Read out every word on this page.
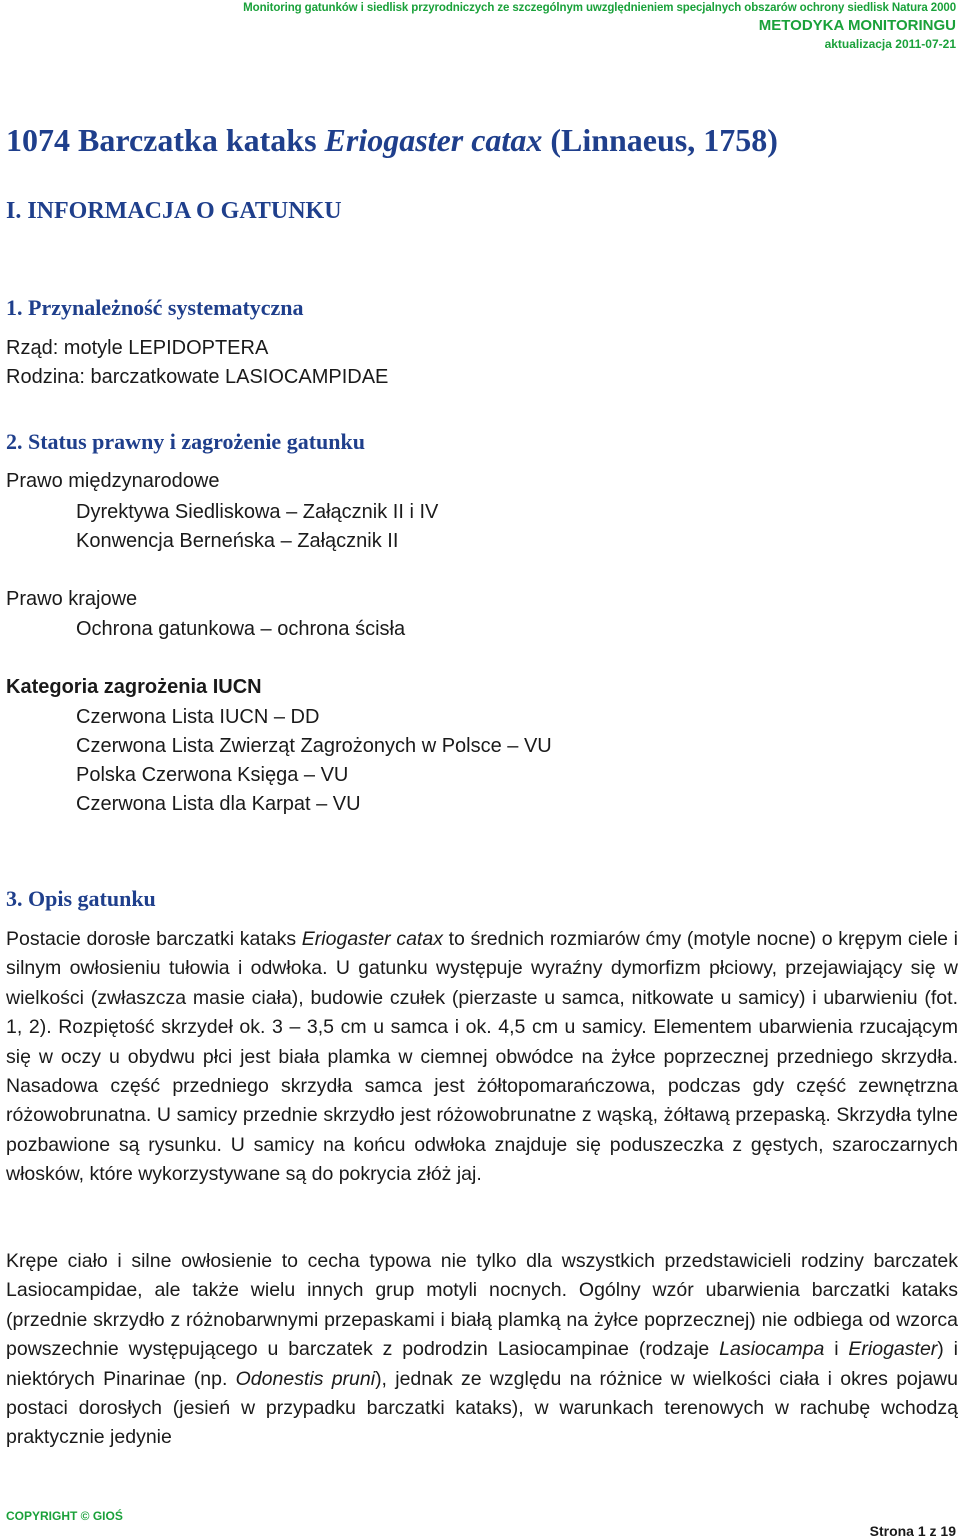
Monitoring gatunków i siedlisk przyrodniczych ze szczególnym uwzględnieniem specjalnych obszarów ochrony siedlisk Natura 2000
METODYKA MONITORINGU
aktualizacja 2011-07-21
1074 Barczatka kataks Eriogaster catax (Linnaeus, 1758)
I. INFORMACJA O GATUNKU
1. Przynależność systematyczna
Rząd: motyle LEPIDOPTERA
Rodzina: barczatkowate LASIOCAMPIDAE
2. Status prawny i zagrożenie gatunku
Prawo międzynarodowe
Dyrektywa Siedliskowa – Załącznik II i IV
Konwencja Berneńska – Załącznik II
Prawo krajowe
Ochrona gatunkowa – ochrona ścisła
Kategoria zagrożenia IUCN
Czerwona Lista IUCN – DD
Czerwona Lista Zwierząt Zagrożonych w Polsce – VU
Polska Czerwona Księga – VU
Czerwona Lista dla Karpat – VU
3. Opis gatunku

Postacie dorosłe barczatki kataks Eriogaster catax to średnich rozmiarów ćmy (motyle nocne) o krępym ciele i silnym owłosieniu tułowia i odwłoka. U gatunku występuje wyraźny dymorfizm płciowy, przejawiający się w wielkości (zwłaszcza masie ciała), budowie czułek (pierzaste u samca, nitkowate u samicy) i ubarwieniu (fot. 1, 2). Rozpiętość skrzydeł ok. 3 – 3,5 cm u samca i ok. 4,5 cm u samicy. Elementem ubarwienia rzucającym się w oczy u obydwu płci jest biała plamka w ciemnej obwódce na żyłce poprzecznej przedniego skrzydła. Nasadowa część przedniego skrzydła samca jest żółtopomarańczowa, podczas gdy część zewnętrzna różowobrunatna. U samicy przednie skrzydło jest różowobrunatne z wąską, żółtawą przepaską. Skrzydła tylne pozbawione są rysunku. U samicy na końcu odwłoka znajduje się poduszeczka z gęstych, szaroczarnych włosków, które wykorzystywane są do pokrycia złóż jaj.

Krępe ciało i silne owłosienie to cecha typowa nie tylko dla wszystkich przedstawicieli rodziny barczatek Lasiocampidae, ale także wielu innych grup motyli nocnych. Ogólny wzór ubarwienia barczatki kataks (przednie skrzydło z różnobarwnymi przepaskami i białą plamką na żyłce poprzecznej) nie odbiega od wzorca powszechnie występującego u barczatek z podrodzin Lasiocampinae (rodzaje Lasiocampa i Eriogaster) i niektórych Pinarinae (np. Odonestis pruni), jednak ze względu na różnice w wielkości ciała i okres pojawu postaci dorosłych (jesień w przypadku barczatki kataks), w warunkach terenowych w rachubę wchodzą praktycznie jedynie

COPYRIGHT © GIOŚ
Strona 1 z 19
